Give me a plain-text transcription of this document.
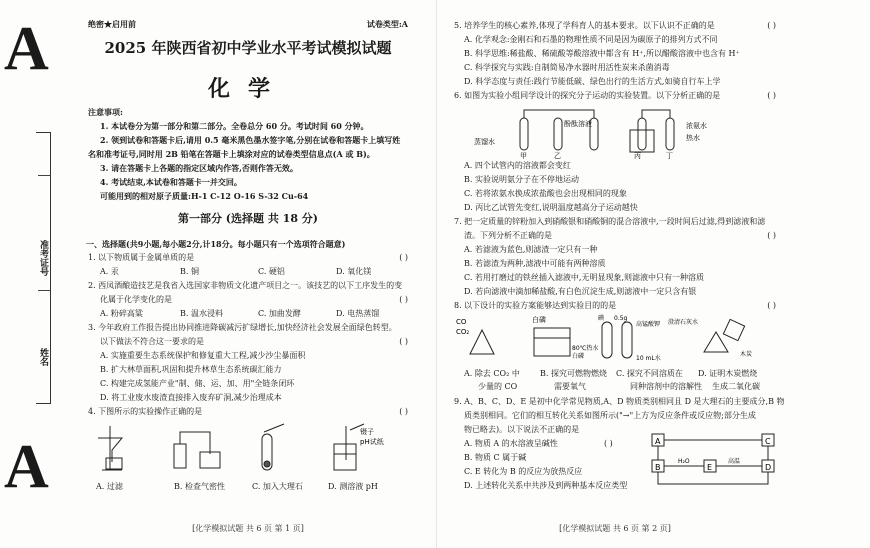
A
A
准考证号
姓名
绝密★启用前	试卷类型:A
2025 年陕西省初中学业水平考试模拟试题
化学
注意事项:
1. 本试卷分为第一部分和第二部分。全卷总分 60 分。考试时间 60 分钟。
2. 领到试卷和答题卡后,请用 0.5 毫米黑色墨水签字笔,分别在试卷和答题卡上填写姓
名和准考证号,同时用 2B 铅笔在答题卡上填涂对应的试卷类型信息点(A 或 B)。
3. 请在答题卡上各题的指定区域内作答,否则作答无效。
4. 考试结束,本试卷和答题卡一并交回。
可能用到的相对原子质量:H-1 C-12 O-16 S-32 Cu-64
第一部分 (选择题 共 18 分)
一、选择题(共9小题,每小题2分,计18分。每小题只有一个选项符合题意)
1. 以下物质属于金属单质的是	( )
A. 汞	B. 铜	C. 硬铝	D. 氧化镁
2. 西凤酒酿造技艺是我省入选国家非物质文化遗产项目之一。该技艺的以下工序发生的变
化属于化学变化的是	( )
A. 粉碎高粱	B. 温水浸料	C. 加曲发酵	D. 电热蒸馏
3. 今年政府工作报告提出协同推进降碳减污扩绿增长,加快经济社会发展全面绿色转型。
以下做法不符合这一要求的是	( )
A. 实施重要生态系统保护和修复重大工程,减少沙尘暴面积
B. 扩大林草面积,巩固和提升林草生态系统碳汇能力
C. 构建完成氢能产业"制、储、运、加、用"全链条闭环
D. 将工业废水废渣直接排入废弃矿洞,减少治理成本
4. 下图所示的实验操作正确的是	( )
镊子
pH试纸
A. 过滤	B. 检查气密性	C. 加入大理石	D. 测溶液 pH
[化学模拟试题 共 6 页 第 1 页]
5. 培养学生的核心素养,体现了学科育人的基本要求。以下认识不正确的是	( )
A. 化学观念:金刚石和石墨的物理性质不同是因为碳原子的排列方式不同
B. 科学思维:稀盐酸、稀硫酸等酸溶液中都含有 H⁺,所以醋酸溶液中也含有 H⁺
C. 科学探究与实践:自制简易净水器时用活性炭来杀菌消毒
D. 科学态度与责任:践行节能低碳、绿色出行的生活方式,如骑自行车上学
6. 如图为实验小组同学设计的探究分子运动的实验装置。以下分析正确的是	( )
蒸馏水
酚酞溶液	浓氨水
热水
甲	乙	丙	丁
A. 四个试管内的溶液都会变红
B. 实验说明氨分子在不停地运动
C. 若将浓氨水换成浓盐酸也会出现相同的现象
D. 丙比乙试管先变红,说明温度越高分子运动越快
7. 把一定质量的锌粉加入到硝酸银和硝酸铜的混合溶液中,一段时间后过滤,得到滤液和滤
渣。下列分析不正确的是	( )
A. 若滤液为蓝色,则滤渣一定只有一种
B. 若滤渣为两种,滤液中可能有两种溶质
C. 若用打磨过的铁丝插入滤液中,无明显现象,则滤液中只有一种溶质
D. 若向滤液中滴加稀盐酸,有白色沉淀生成,则滤液中一定只含有银
8. 以下设计的实验方案能够达到实验目的的是	( )
CO
CO₂
白磷
80℃热水
白磷
碘 0.5g
高锰酸钾
10 mL水
澄清石灰水
木炭
A. 除去 CO₂ 中	B. 探究可燃物燃烧 C. 探究不同溶质在 D. 证明木炭燃烧
少量的 CO	需要氧气	同种溶剂中的溶解性 生成二氧化碳
9. A、B、C、D、E 是初中化学常见物质,A、D 物质类别相同且 D 是大理石的主要成分,B 物
质类别相同。它们的相互转化关系如图所示("→"上方为反应条件或反应物;部分生成
物已略去)。以下说法不正确的是
( )
A. 物质 A 的水溶液呈碱性
B. 物质 C 属于碱
C. E 转化为 B 的反应为放热反应
D. 上述转化关系中共涉及到两种基本反应类型
A	C
B	E	D
H₂O	高温
[化学模拟试题 共 6 页 第 2 页]
